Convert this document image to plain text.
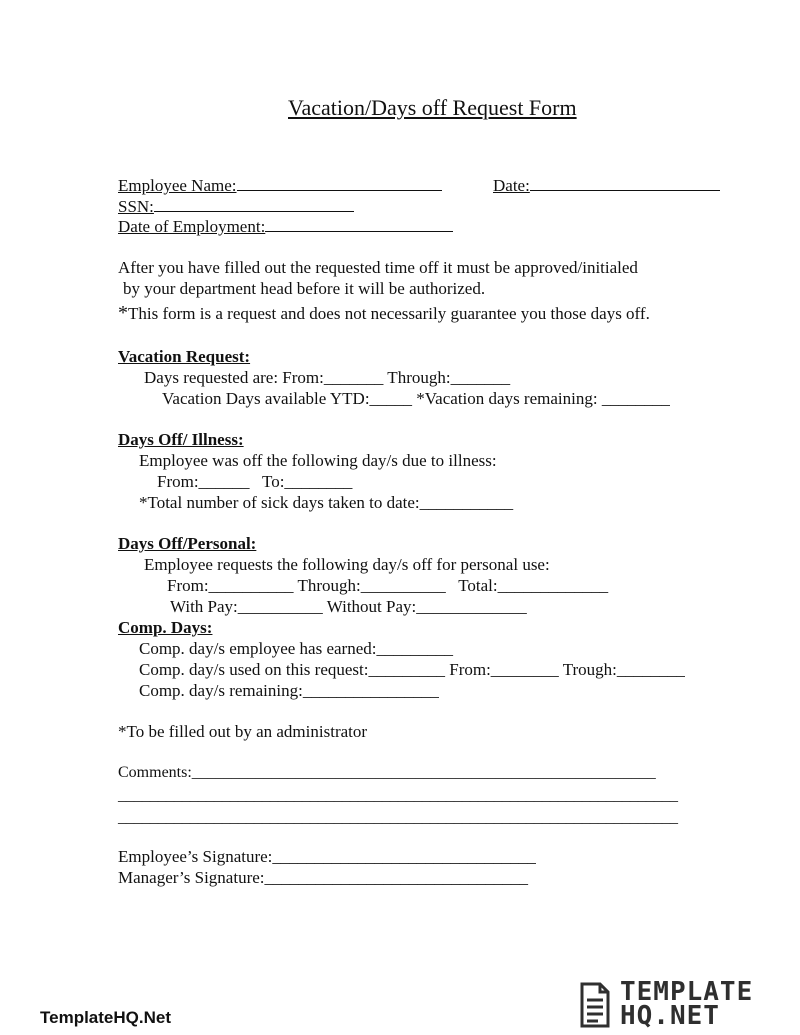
Vacation/Days off Request Form
Employee Name:	Date:
SSN:
Date of Employment:
After you have filled out the requested time off it must be approved/initialed
by your department head before it will be authorized.
*This form is a request and does not necessarily guarantee you those days off.
Vacation Request:
Days requested are: From:_______ Through:_______
Vacation Days available YTD:_____ *Vacation days remaining: ________
Days Off/ Illness:
Employee was off the following day/s due to illness:
From:______   To:________
*Total number of sick days taken to date:___________
Days Off/Personal:
Employee requests the following day/s off for personal use:
From:__________ Through:__________   Total:_____________
With Pay:__________ Without Pay:_____________
Comp. Days:
Comp. day/s employee has earned:_________
Comp. day/s used on this request:_________ From:________ Trough:________
Comp. day/s remaining:________________
*To be filled out by an administrator
Comments:__________________________________________________________
______________________________________________________________________
______________________________________________________________________
Employee’s Signature:_______________________________
Manager’s Signature:_______________________________
TemplateHQ.Net
TEMPLATE
HQ.NET
